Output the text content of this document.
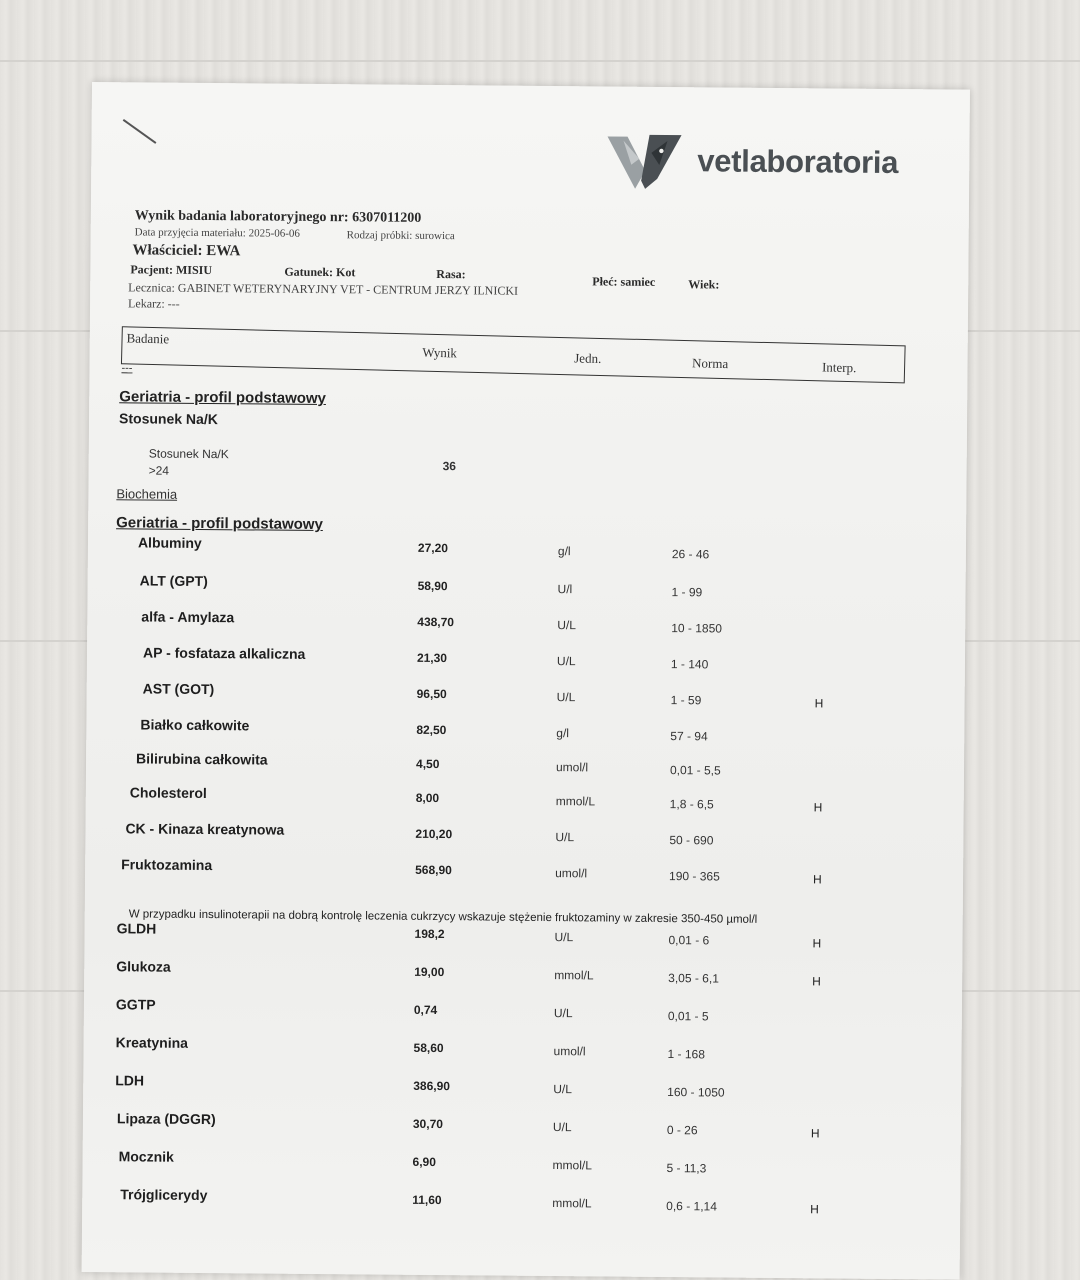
vetlaboratoria
Wynik badania laboratoryjnego nr: 6307011200
Data przyjęcia materiału: 2025-06-06	Rodzaj próbki: surowica
Właściciel: EWA
Pacjent: MISIU	Gatunek: Kot	Rasa:
Płeć: samiec	Wiek:
Lecznica: GABINET WETERYNARYJNY VET - CENTRUM JERZY ILNICKI
Lekarz: ---
Badanie
Wynik	Jedn.	Norma	Interp.
---
Geriatria - profil podstawowy
Stosunek Na/K
Stosunek Na/K
>24	36
Biochemia
Geriatria - profil podstawowy
Albuminy	27,20	g/l	26 - 46
ALT (GPT)	58,90	U/l	1 - 99
alfa - Amylaza	438,70	U/L	10 - 1850
AP - fosfataza alkaliczna	21,30	U/L	1 - 140
AST (GOT)	96,50	U/L	1 - 59	H
Białko całkowite	82,50	g/l	57 - 94
Bilirubina całkowita	4,50	umol/l	0,01 - 5,5
Cholesterol	8,00	mmol/L	1,8 - 6,5	H
CK - Kinaza kreatynowa	210,20	U/L	50 - 690
Fruktozamina	568,90	umol/l	190 - 365	H
GLDH	198,2	U/L	0,01 - 6	H
Glukoza	19,00	mmol/L	3,05 - 6,1	H
GGTP	0,74	U/L	0,01 - 5
Kreatynina	58,60	umol/l	1 - 168
LDH	386,90	U/L	160 - 1050
Lipaza (DGGR)	30,70	U/L	0 - 26	H
Mocznik	6,90	mmol/L	5 - 11,3
Trójglicerydy	11,60	mmol/L	0,6 - 1,14	H
W przypadku insulinoterapii na dobrą kontrolę leczenia cukrzycy wskazuje stężenie fruktozaminy w zakresie 350-450 µmol/l
